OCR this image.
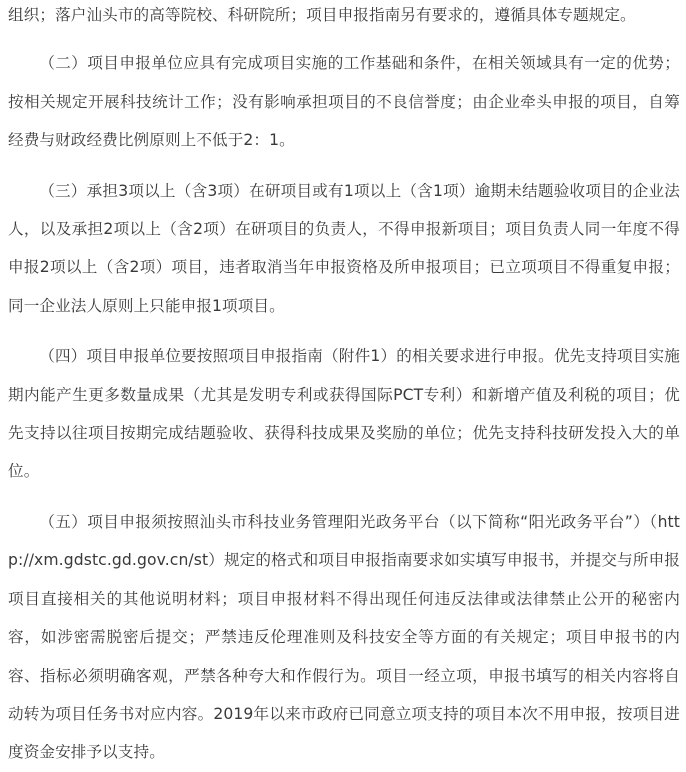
组织；落户汕头市的高等院校、科研院所；项目申报指南另有要求的，遵循具体专题规定。

（二）项目申报单位应具有完成项目实施的工作基础和条件，在相关领域具有一定的优势；按相关规定开展科技统计工作；没有影响承担项目的不良信誉度；由企业牵头申报的项目，自筹经费与财政经费比例原则上不低于2：1。

（三）承担3项以上（含3项）在研项目或有1项以上（含1项）逾期未结题验收项目的企业法人，以及承担2项以上（含2项）在研项目的负责人，不得申报新项目；项目负责人同一年度不得申报2项以上（含2项）项目，违者取消当年申报资格及所申报项目；已立项项目不得重复申报；同一企业法人原则上只能申报1项项目。

（四）项目申报单位要按照项目申报指南（附件1）的相关要求进行申报。优先支持项目实施期内能产生更多数量成果（尤其是发明专利或获得国际PCT专利）和新增产值及利税的项目；优先支持以往项目按期完成结题验收、获得科技成果及奖励的单位；优先支持科技研发投入大的单位。

（五）项目申报须按照汕头市科技业务管理阳光政务平台（以下简称“阳光政务平台”）（http://xm.gdstc.gd.gov.cn/st）规定的格式和项目申报指南要求如实填写申报书，并提交与所申报项目直接相关的其他说明材料；项目申报材料不得出现任何违反法律或法律禁止公开的秘密内容，如涉密需脱密后提交；严禁违反伦理准则及科技安全等方面的有关规定；项目申报书的内容、指标必须明确客观，严禁各种夸大和作假行为。项目一经立项，申报书填写的相关内容将自动转为项目任务书对应内容。2019年以来市政府已同意立项支持的项目本次不用申报，按项目进度资金安排予以支持。
